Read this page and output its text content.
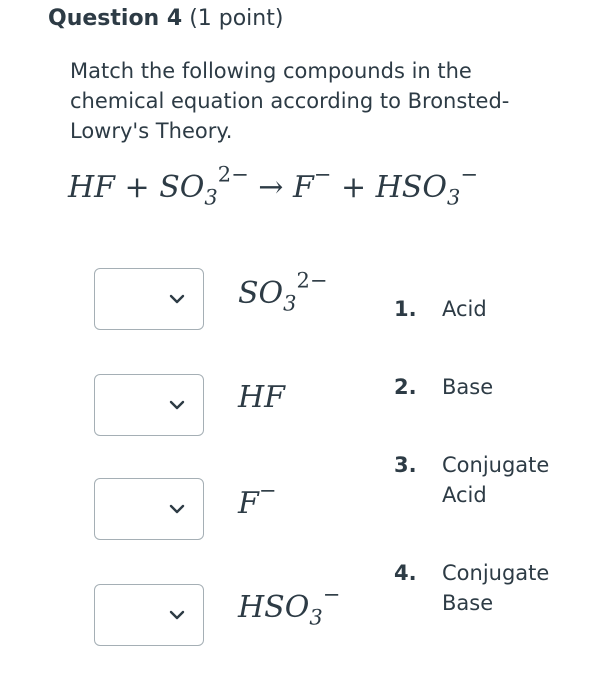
Question 4 (1 point)
Match the following compounds in the chemical equation according to Bronsted-Lowry's Theory.
HF + $SO_3^{2-} \to F^- + HSO_3^-$
$SO_3^{2-}$
HF
F−
$HSO_3^-$
1. Acid
2. Base
3. Conjugate Acid
4. Conjugate Base
